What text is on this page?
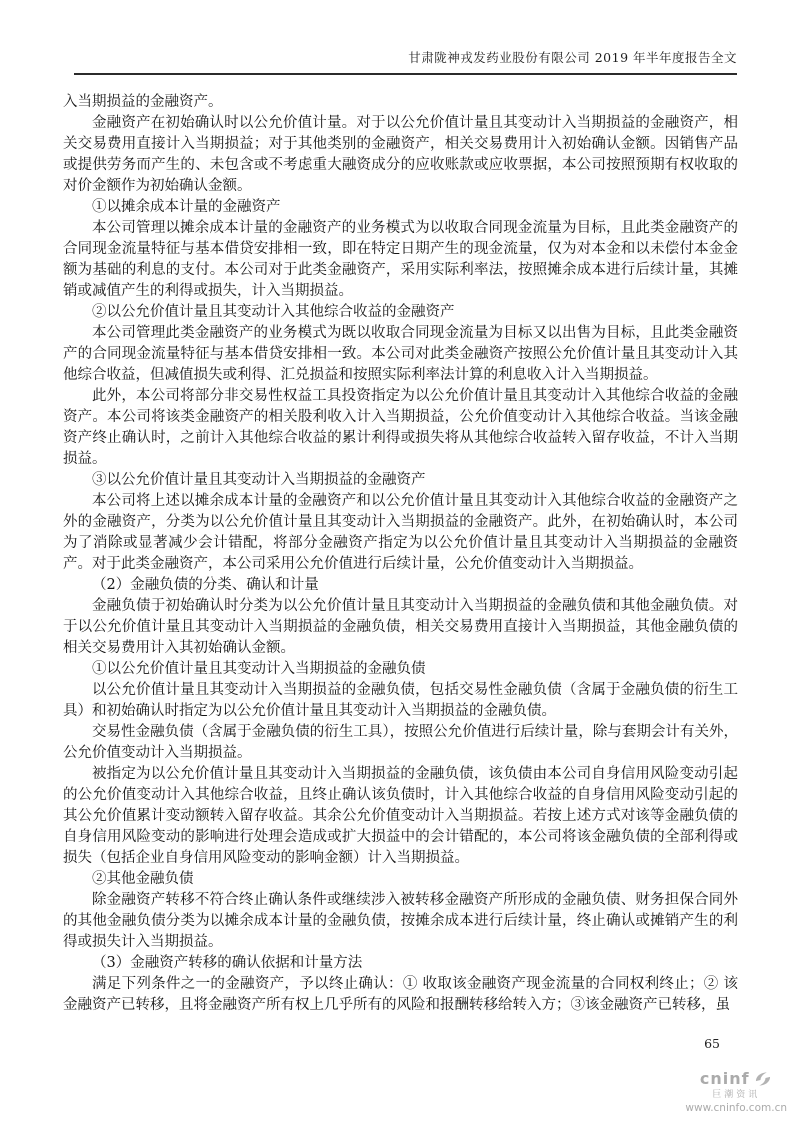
甘肃陇神戎发药业股份有限公司 2019 年半年度报告全文

入当期损益的金融资产。

金融资产在初始确认时以公允价值计量。对于以公允价值计量且其变动计入当期损益的金融资产，相关交易费用直接计入当期损益；对于其他类别的金融资产，相关交易费用计入初始确认金额。因销售产品或提供劳务而产生的、未包含或不考虑重大融资成分的应收账款或应收票据，本公司按照预期有权收取的对价金额作为初始确认金额。

①以摊余成本计量的金融资产

本公司管理以摊余成本计量的金融资产的业务模式为以收取合同现金流量为目标，且此类金融资产的合同现金流量特征与基本借贷安排相一致，即在特定日期产生的现金流量，仅为对本金和以未偿付本金金额为基础的利息的支付。本公司对于此类金融资产，采用实际利率法，按照摊余成本进行后续计量，其摊销或减值产生的利得或损失，计入当期损益。

②以公允价值计量且其变动计入其他综合收益的金融资产

本公司管理此类金融资产的业务模式为既以收取合同现金流量为目标又以出售为目标，且此类金融资产的合同现金流量特征与基本借贷安排相一致。本公司对此类金融资产按照公允价值计量且其变动计入其他综合收益，但减值损失或利得、汇兑损益和按照实际利率法计算的利息收入计入当期损益。

此外，本公司将部分非交易性权益工具投资指定为以公允价值计量且其变动计入其他综合收益的金融资产。本公司将该类金融资产的相关股利收入计入当期损益，公允价值变动计入其他综合收益。当该金融资产终止确认时，之前计入其他综合收益的累计利得或损失将从其他综合收益转入留存收益，不计入当期损益。

③以公允价值计量且其变动计入当期损益的金融资产

本公司将上述以摊余成本计量的金融资产和以公允价值计量且其变动计入其他综合收益的金融资产之外的金融资产，分类为以公允价值计量且其变动计入当期损益的金融资产。此外，在初始确认时，本公司为了消除或显著减少会计错配，将部分金融资产指定为以公允价值计量且其变动计入当期损益的金融资产。对于此类金融资产，本公司采用公允价值进行后续计量，公允价值变动计入当期损益。

（2）金融负债的分类、确认和计量

金融负债于初始确认时分类为以公允价值计量且其变动计入当期损益的金融负债和其他金融负债。对于以公允价值计量且其变动计入当期损益的金融负债，相关交易费用直接计入当期损益，其他金融负债的相关交易费用计入其初始确认金额。

①以公允价值计量且其变动计入当期损益的金融负债

以公允价值计量且其变动计入当期损益的金融负债，包括交易性金融负债（含属于金融负债的衍生工具）和初始确认时指定为以公允价值计量且其变动计入当期损益的金融负债。

交易性金融负债（含属于金融负债的衍生工具），按照公允价值进行后续计量，除与套期会计有关外，公允价值变动计入当期损益。

被指定为以公允价值计量且其变动计入当期损益的金融负债，该负债由本公司自身信用风险变动引起的公允价值变动计入其他综合收益，且终止确认该负债时，计入其他综合收益的自身信用风险变动引起的其公允价值累计变动额转入留存收益。其余公允价值变动计入当期损益。若按上述方式对该等金融负债的自身信用风险变动的影响进行处理会造成或扩大损益中的会计错配的，本公司将该金融负债的全部利得或损失（包括企业自身信用风险变动的影响金额）计入当期损益。

②其他金融负债

除金融资产转移不符合终止确认条件或继续涉入被转移金融资产所形成的金融负债、财务担保合同外的其他金融负债分类为以摊余成本计量的金融负债，按摊余成本进行后续计量，终止确认或摊销产生的利得或损失计入当期损益。

（3）金融资产转移的确认依据和计量方法

满足下列条件之一的金融资产，予以终止确认：① 收取该金融资产现金流量的合同权利终止；② 该金融资产已转移，且将金融资产所有权上几乎所有的风险和报酬转移给转入方；③该金融资产已转移，虽

65
cninf
巨潮资讯
www.cninfo.com.cn
